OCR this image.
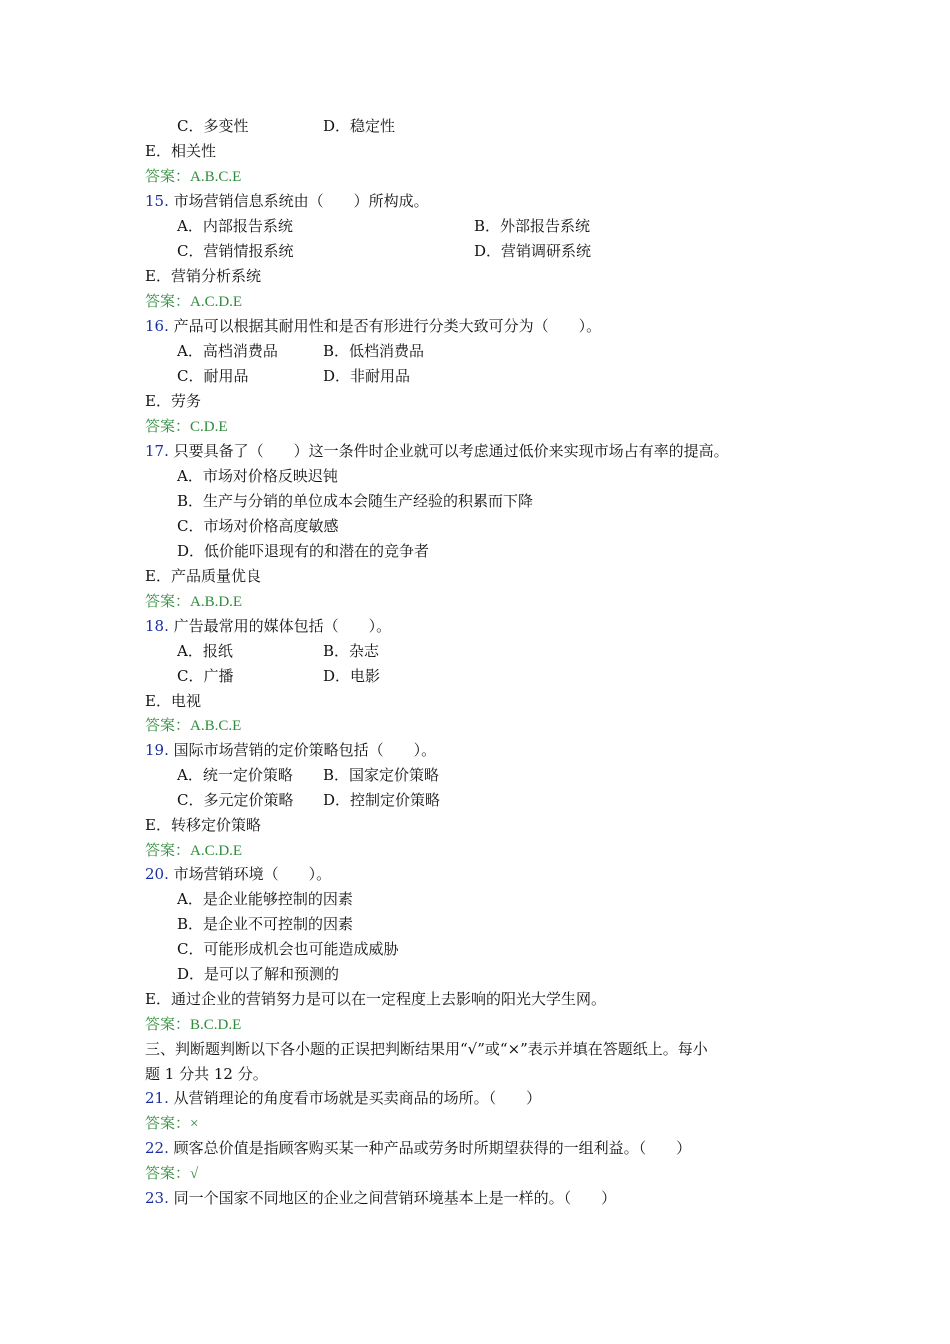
C．多变性	D．稳定性
E．相关性
答案：A.B.C.E
15. 市场营销信息系统由（　　）所构成。
A．内部报告系统	B．外部报告系统
C．营销情报系统	D．营销调研系统
E．营销分析系统
答案：A.C.D.E
16. 产品可以根据其耐用性和是否有形进行分类大致可分为（　　）。
A．高档消费品	B．低档消费品
C．耐用品	D．非耐用品
E．劳务
答案：C.D.E
17. 只要具备了（　　）这一条件时企业就可以考虑通过低价来实现市场占有率的提高。
A．市场对价格反映迟钝
B．生产与分销的单位成本会随生产经验的积累而下降
C．市场对价格高度敏感
D．低价能吓退现有的和潜在的竞争者
E．产品质量优良
答案：A.B.D.E
18. 广告最常用的媒体包括（　　）。
A．报纸	B．杂志
C．广播	D．电影
E．电视
答案：A.B.C.E
19. 国际市场营销的定价策略包括（　　）。
A．统一定价策略 B．国家定价策略
C．多元定价策略 D．控制定价策略
E．转移定价策略
答案：A.C.D.E
20. 市场营销环境（　　）。
A．是企业能够控制的因素
B．是企业不可控制的因素
C．可能形成机会也可能造成威胁
D．是可以了解和预测的
E．通过企业的营销努力是可以在一定程度上去影响的阳光大学生网。
答案：B.C.D.E
三、判断题判断以下各小题的正误把判断结果用“√”或“×”表示并填在答题纸上。每小
题 1 分共 12 分。
21. 从营销理论的角度看市场就是买卖商品的场所。（　　）
答案：×
22. 顾客总价值是指顾客购买某一种产品或劳务时所期望获得的一组利益。（　　）
答案：√
23. 同一个国家不同地区的企业之间营销环境基本上是一样的。（　　）
